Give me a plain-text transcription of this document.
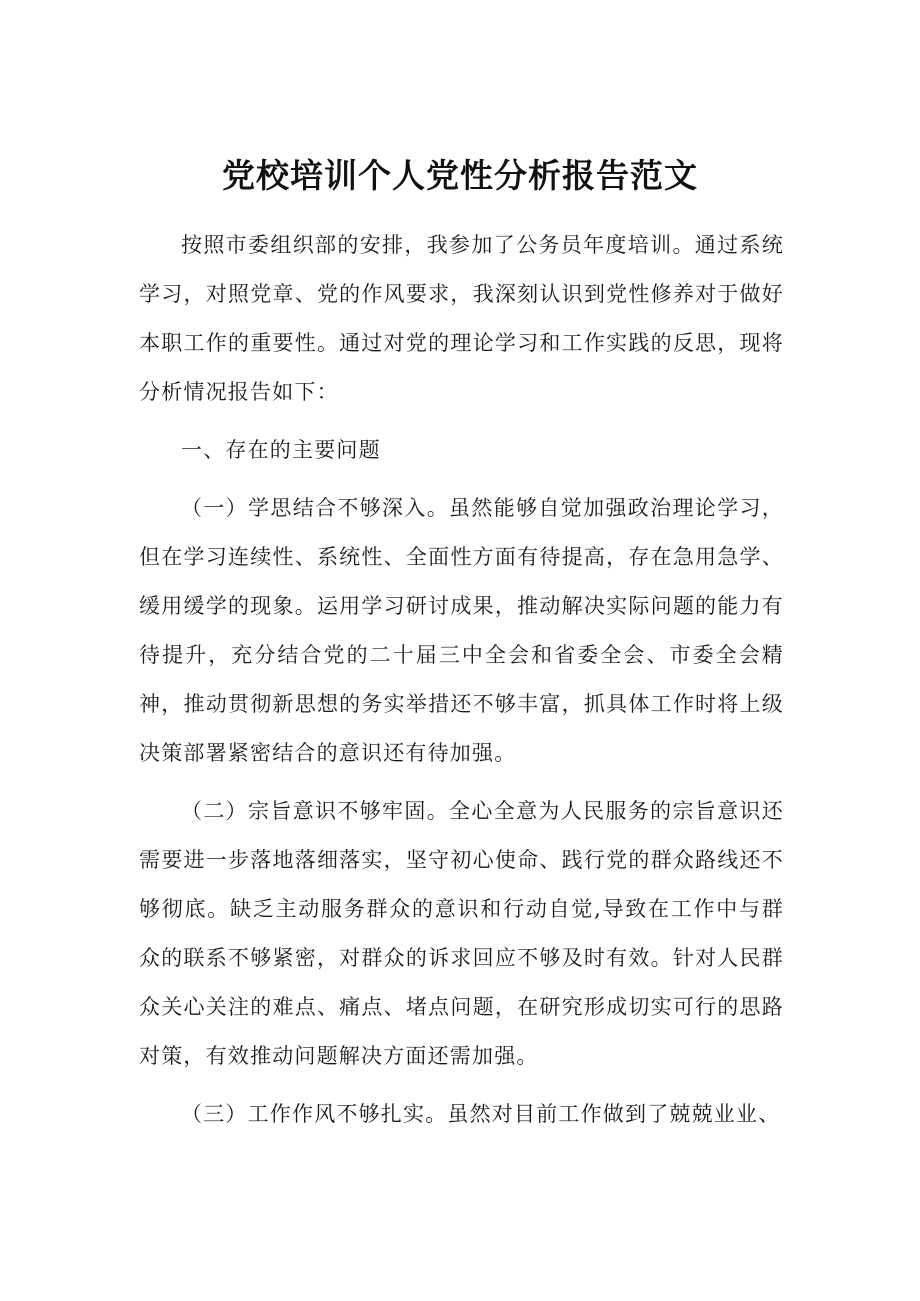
党校培训个人党性分析报告范文

按照市委组织部的安排，我参加了公务员年度培训。通过系统学习，对照党章、党的作风要求，我深刻认识到党性修养对于做好本职工作的重要性。通过对党的理论学习和工作实践的反思，现将分析情况报告如下：

一、存在的主要问题

（一）学思结合不够深入。虽然能够自觉加强政治理论学习，但在学习连续性、系统性、全面性方面有待提高，存在急用急学、缓用缓学的现象。运用学习研讨成果，推动解决实际问题的能力有待提升，充分结合党的二十届三中全会和省委全会、市委全会精神，推动贯彻新思想的务实举措还不够丰富，抓具体工作时将上级决策部署紧密结合的意识还有待加强。

（二）宗旨意识不够牢固。全心全意为人民服务的宗旨意识还需要进一步落地落细落实，坚守初心使命、践行党的群众路线还不够彻底。缺乏主动服务群众的意识和行动自觉,导致在工作中与群众的联系不够紧密，对群众的诉求回应不够及时有效。针对人民群众关心关注的难点、痛点、堵点问题，在研究形成切实可行的思路对策，有效推动问题解决方面还需加强。

（三）工作作风不够扎实。虽然对目前工作做到了兢兢业业、
